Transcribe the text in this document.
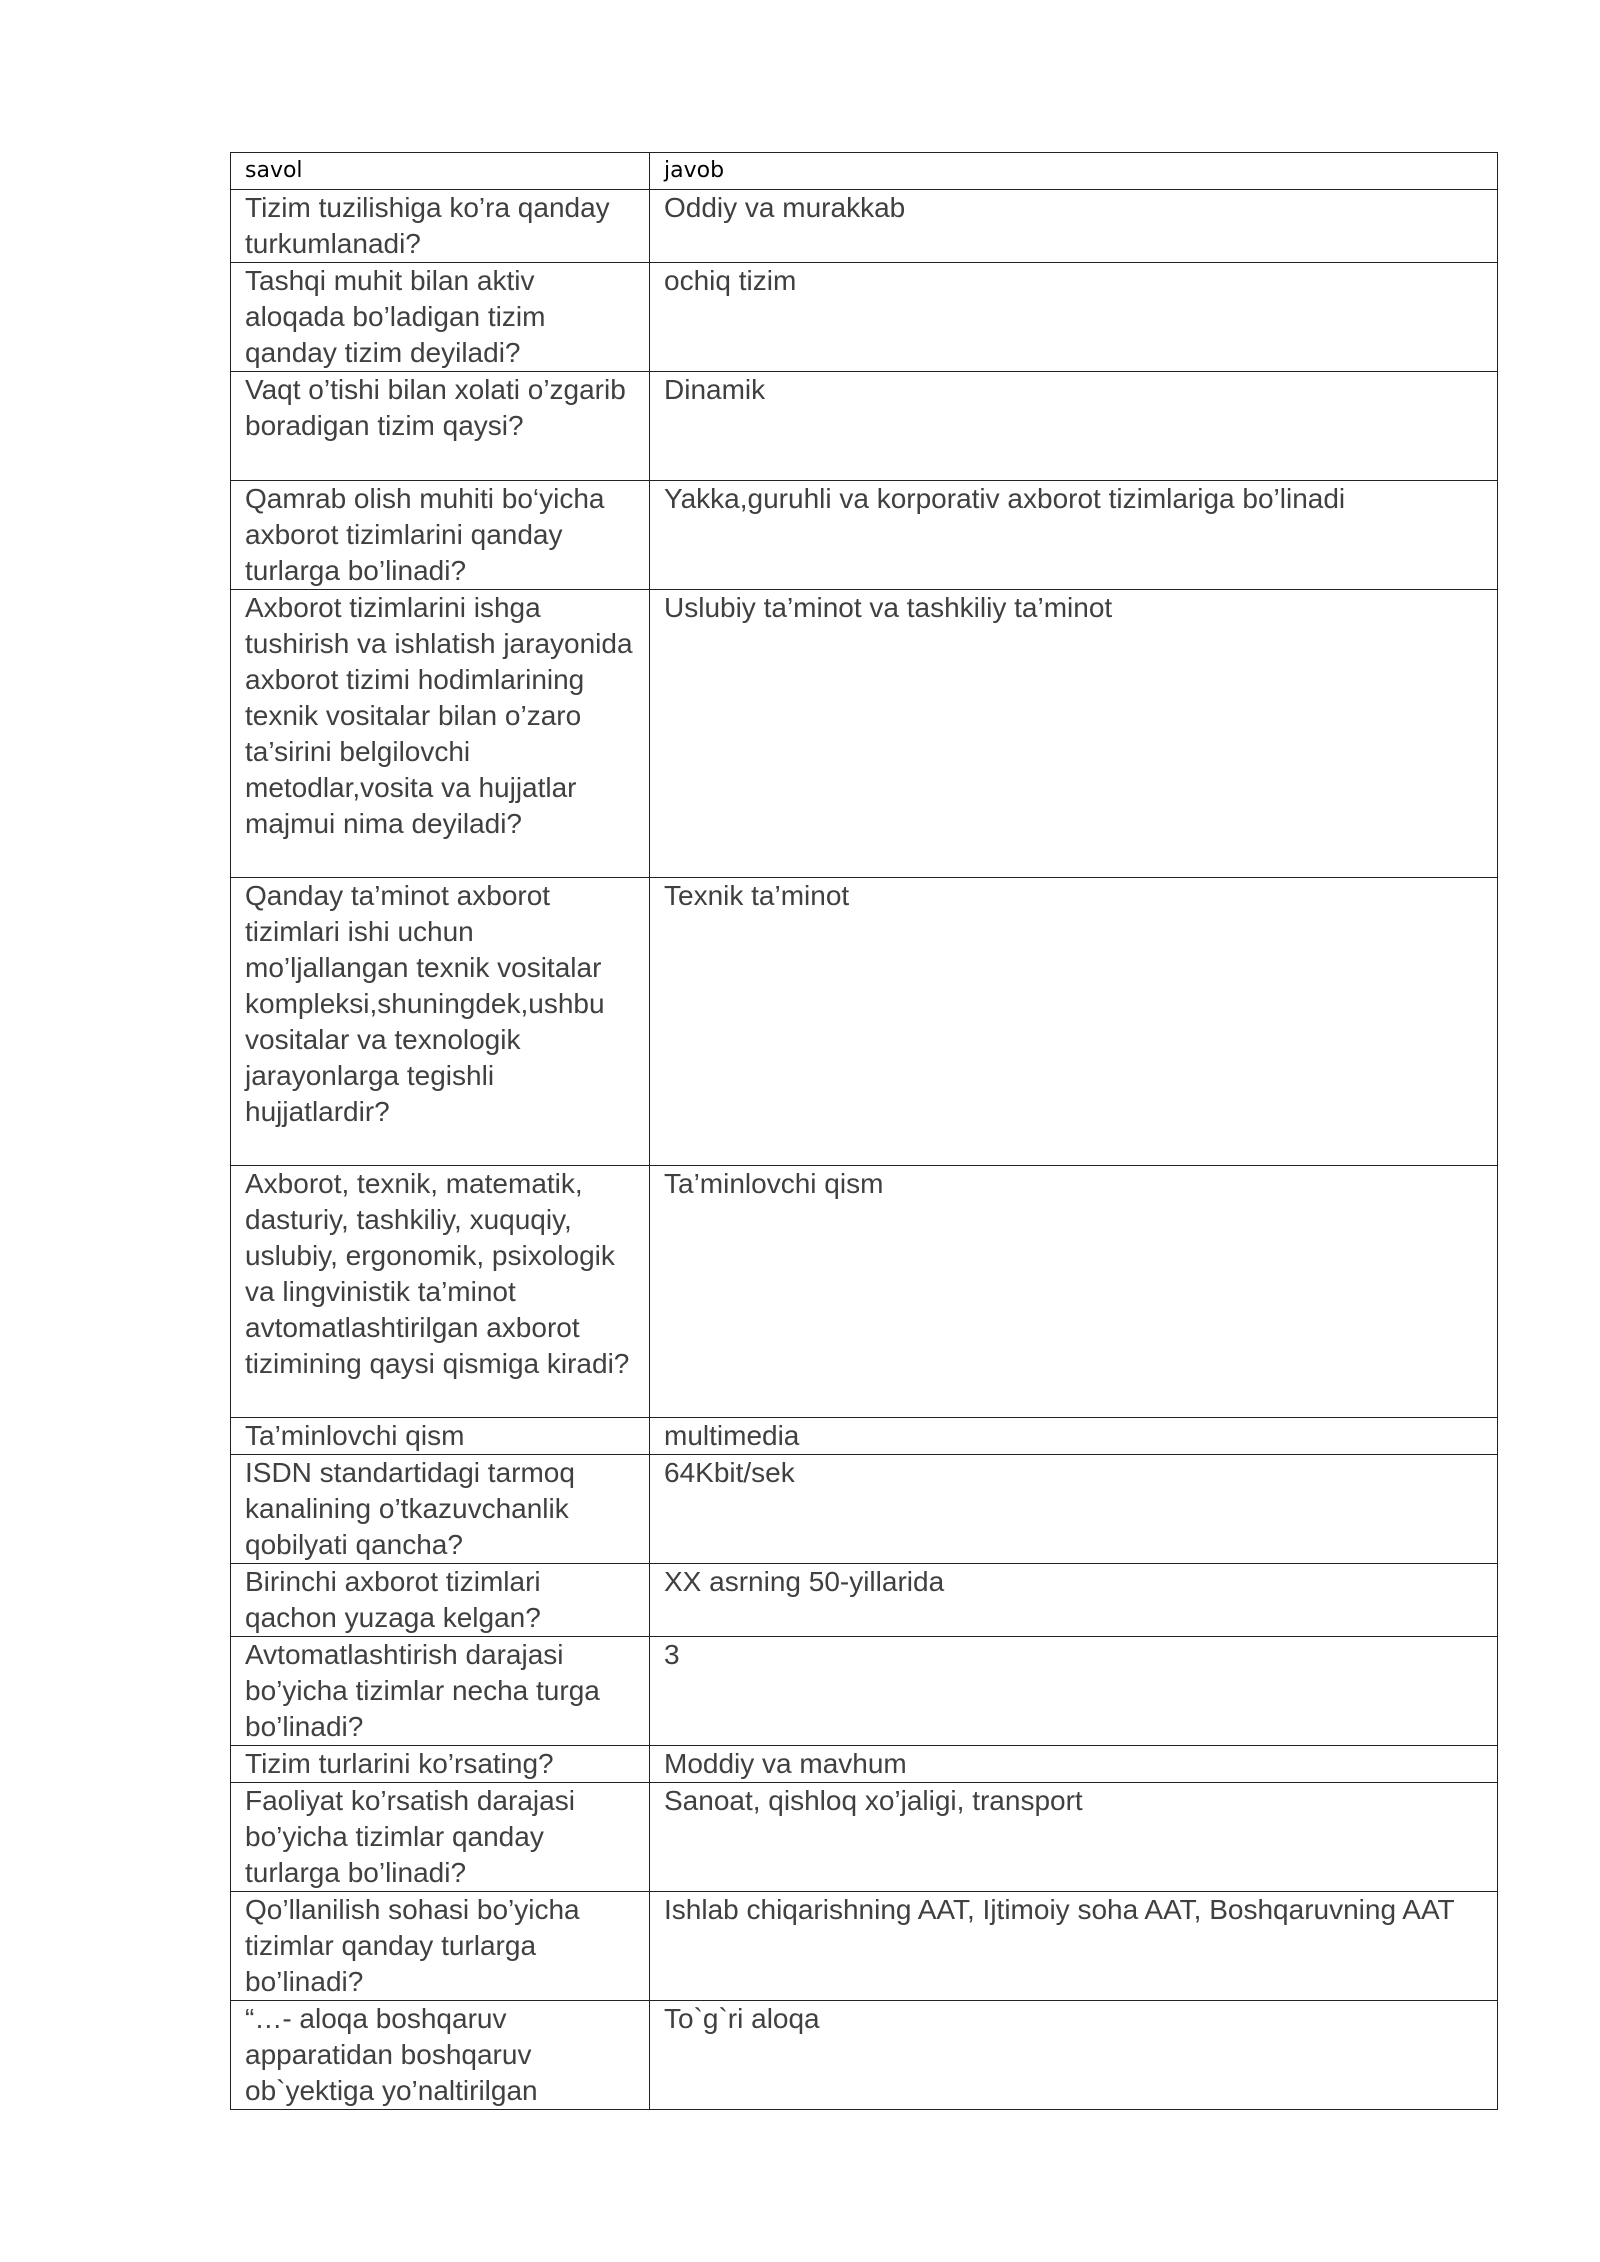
savol	javob
Tizim tuzilishiga ko’ra qanday turkumlanadi?	Oddiy va murakkab
Tashqi muhit bilan aktiv aloqada bo’ladigan tizim qanday tizim deyiladi?	ochiq tizim
Vaqt o’tishi bilan xolati o’zgarib boradigan tizim qaysi?	Dinamik
Qamrab olish muhiti bo‘yicha axborot tizimlarini qanday turlarga bo’linadi?	Yakka,guruhli va korporativ axborot tizimlariga bo’linadi
Axborot tizimlarini ishga tushirish va ishlatish jarayonida axborot tizimi hodimlarining texnik vositalar bilan o’zaro ta’sirini belgilovchi metodlar,vosita va hujjatlar majmui nima deyiladi?	Uslubiy ta’minot va tashkiliy ta’minot
Qanday ta’minot axborot tizimlari ishi uchun mo’ljallangan texnik vositalar kompleksi,shuningdek,ushbu vositalar va texnologik jarayonlarga tegishli hujjatlardir?	Texnik ta’minot
Axborot, texnik, matematik, dasturiy, tashkiliy, xuquqiy, uslubiy, ergonomik, psixologik va lingvinistik ta’minot avtomatlashtirilgan axborot tizimining qaysi qismiga kiradi?	Ta’minlovchi qism
Ta’minlovchi qism	multimedia
ISDN standartidagi tarmoq kanalining o’tkazuvchanlik qobilyati qancha?	64Kbit/sek
Birinchi axborot tizimlari qachon yuzaga kelgan?	XX asrning 50-yillarida
Avtomatlashtirish darajasi bo’yicha tizimlar necha turga bo’linadi?	3
Tizim turlarini ko’rsating?	Moddiy va mavhum
Faoliyat ko’rsatish darajasi bo’yicha tizimlar qanday turlarga bo’linadi?	Sanoat, qishloq xo’jaligi, transport
Qo’llanilish sohasi bo’yicha tizimlar qanday turlarga bo’linadi?	Ishlab chiqarishning AAT, Ijtimoiy soha AAT, Boshqaruvning AAT
“…- aloqa boshqaruv apparatidan boshqaruv ob`yektiga yo’naltirilgan	To`g`ri aloqa
